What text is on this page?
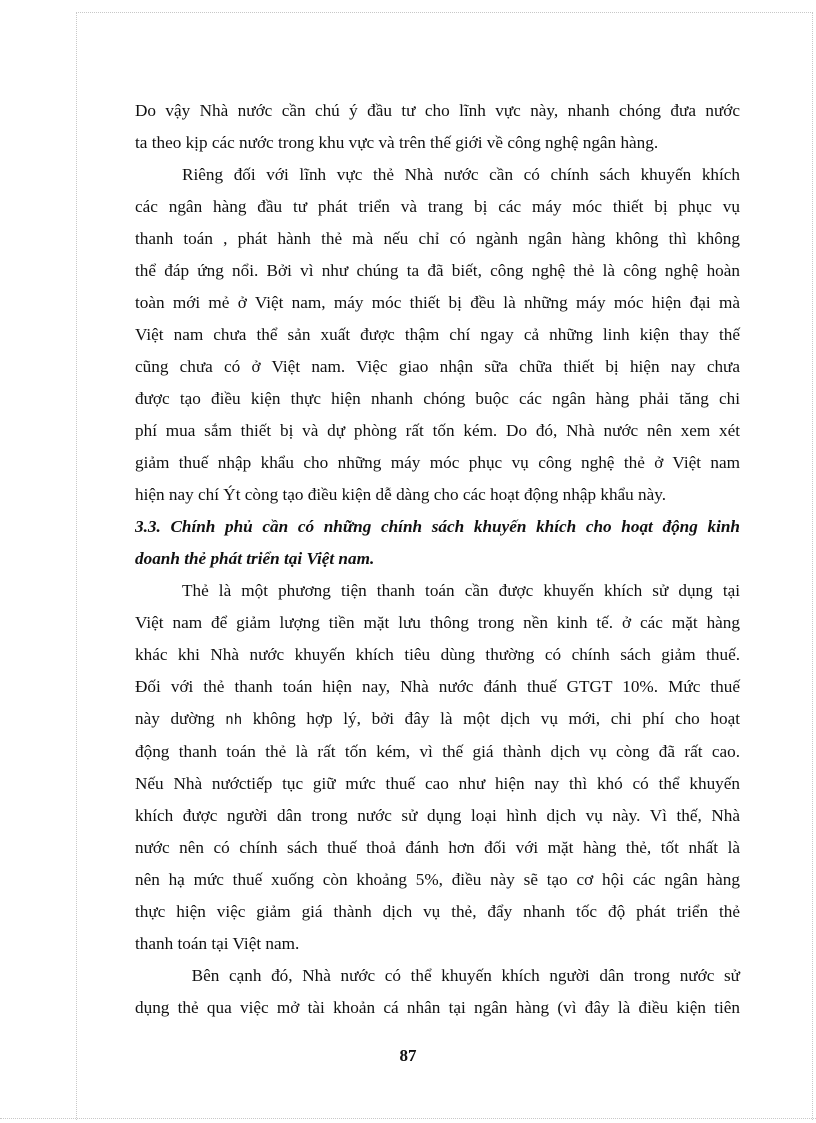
Do vậy Nhà nước cần chú ý đầu tư cho lĩnh vực này, nhanh chóng đưa nước
ta theo kịp các nước trong khu vực và trên thế giới về công nghệ ngân hàng.
Riêng đối với lĩnh vực thẻ Nhà nước cần có chính sách khuyến khích
các ngân hàng đầu tư phát triển và trang bị các máy móc thiết bị phục vụ
thanh toán , phát hành thẻ mà nếu chỉ có ngành ngân hàng không thì không
thể đáp ứng nổi. Bởi vì như chúng ta đã biết, công nghệ thẻ là công nghệ hoàn
toàn mới mẻ ở Việt nam, máy móc thiết bị đều là những máy móc hiện đại mà
Việt nam chưa thể sản xuất được thậm chí ngay cả những linh kiện thay thế
cũng chưa có ở Việt nam. Việc giao nhận sữa chữa thiết bị hiện nay chưa
được tạo điều kiện thực hiện nhanh chóng buộc các ngân hàng phải tăng chi
phí mua sắm thiết bị và dự phòng rất tốn kém. Do đó, Nhà nước nên xem xét
giảm thuế nhập khẩu cho những máy móc phục vụ công nghệ thẻ ở Việt nam
hiện nay chí Ýt còng tạo điều kiện dễ dàng cho các hoạt động nhập khẩu này.
3.3. Chính phủ cần có những chính sách khuyến khích cho hoạt động kinh
doanh thẻ phát triển tại Việt nam.
Thẻ là một phương tiện thanh toán cần được khuyến khích sử dụng tại
Việt nam để giảm lượng tiền mặt lưu thông trong nền kinh tế. ở các mặt hàng
khác khi Nhà nước khuyến khích tiêu dùng thường có chính sách giảm thuế.
Đối với thẻ thanh toán hiện nay, Nhà nước đánh thuế GTGT 10%. Mức thuế
này dường nh không hợp lý, bởi đây là một dịch vụ mới, chi phí cho hoạt
động thanh toán thẻ là rất tốn kém, vì thế giá thành dịch vụ còng đã rất cao.
Nếu Nhà nướctiếp tục giữ mức thuế cao như hiện nay thì khó có thể khuyến
khích được người dân trong nước sử dụng loại hình dịch vụ này. Vì thế, Nhà
nước nên có chính sách thuế thoả đánh hơn đối với mặt hàng thẻ, tốt nhất là
nên hạ mức thuế xuống còn khoảng 5%, điều này sẽ tạo cơ hội các ngân hàng
thực hiện việc giảm giá thành dịch vụ thẻ, đẩy nhanh tốc độ phát triển thẻ
thanh toán tại Việt nam.
Bên cạnh đó, Nhà nước có thể khuyến khích người dân trong nước sử
dụng thẻ qua việc mở tài khoản cá nhân tại ngân hàng (vì đây là điều kiện tiên
87
